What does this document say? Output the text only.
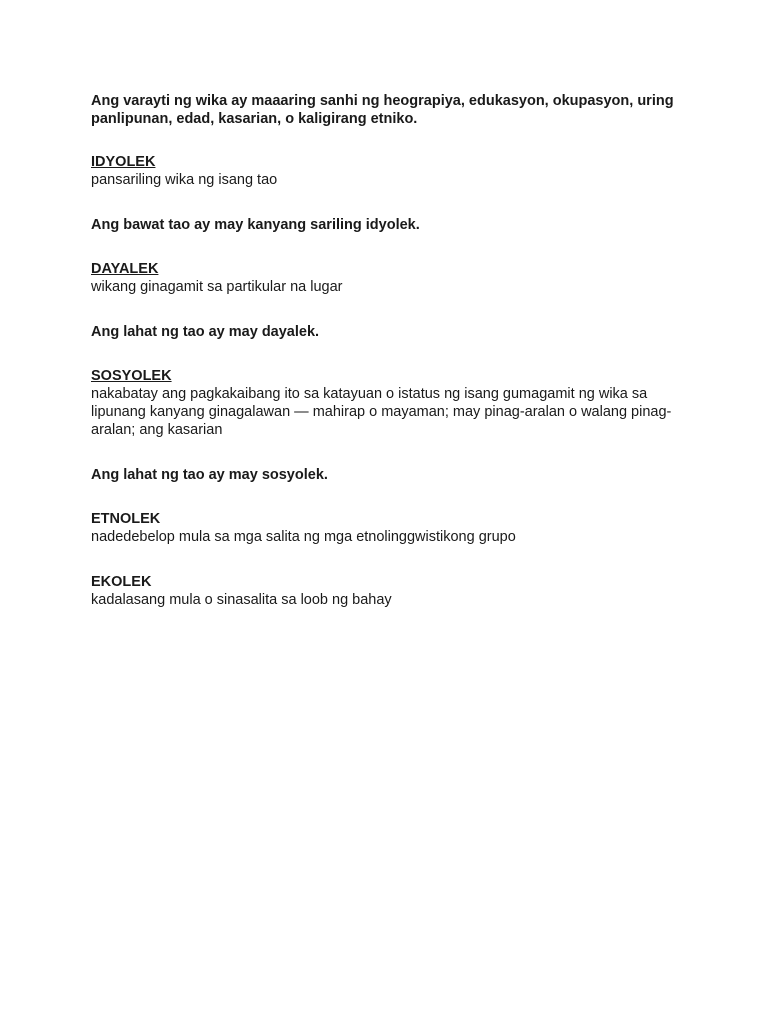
Ang varayti ng wika ay maaaring sanhi ng heograpiya, edukasyon, okupasyon, uring panlipunan, edad, kasarian, o kaligirang etniko.

IDYOLEK

pansariling wika ng isang tao

Ang bawat tao ay may kanyang sariling idyolek.

DAYALEK

wikang ginagamit sa partikular na lugar

Ang lahat ng tao ay may dayalek.

SOSYOLEK

nakabatay ang pagkakaibang ito sa katayuan o istatus ng isang gumagamit ng wika sa lipunang kanyang ginagalawan — mahirap o mayaman; may pinag-aralan o walang pinag-aralan; ang kasarian

Ang lahat ng tao ay may sosyolek.

ETNOLEK

nadedebelop mula sa mga salita ng mga etnolinggwistikong grupo

EKOLEK

kadalasang mula o sinasalita sa loob ng bahay
